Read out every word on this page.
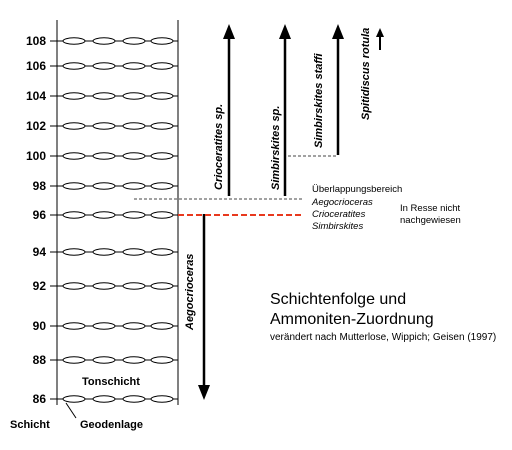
108
106
104
102
100
98
96
94
92
90
88
86
Crioceratites sp.	Simbirskites sp.	Simbirskites staffi	Spitidiscus rotula
Aegocrioceras
Überlappungsbereich
Aegocrioceras
Crioceratites
Simbirskites
In Resse nicht
nachgewiesen
Tonschicht
Schicht	Geodenlage
Schichtenfolge und
Ammoniten-Zuordnung
verändert nach Mutterlose, Wippich; Geisen (1997)
